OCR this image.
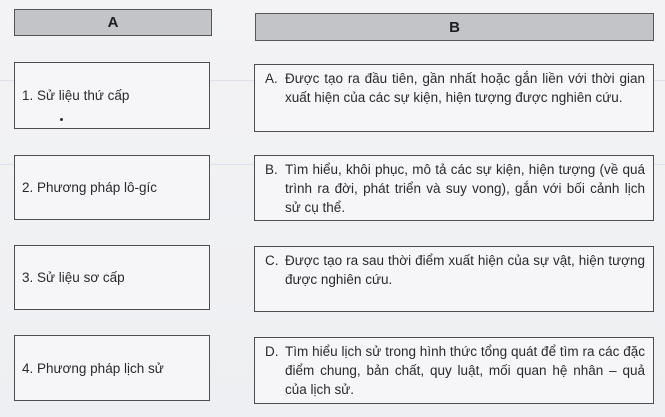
A	B
1. Sử liệu thứ cấp
2. Phương pháp lô-gíc
3. Sử liệu sơ cấp
4. Phương pháp lịch sử
A. Được tạo ra đầu tiên, gần nhất hoặc gắn liền với thời gian xuất hiện của các sự kiện, hiện tượng được nghiên cứu.
B. Tìm hiểu, khôi phục, mô tả các sự kiện, hiện tượng (về quá trình ra đời, phát triển và suy vong), gắn với bối cảnh lịch sử cụ thể.
C. Được tạo ra sau thời điểm xuất hiện của sự vật, hiện tượng được nghiên cứu.
D. Tìm hiểu lịch sử trong hình thức tổng quát để tìm ra các đặc điểm chung, bản chất, quy luật, mối quan hệ nhân – quả của lịch sử.
